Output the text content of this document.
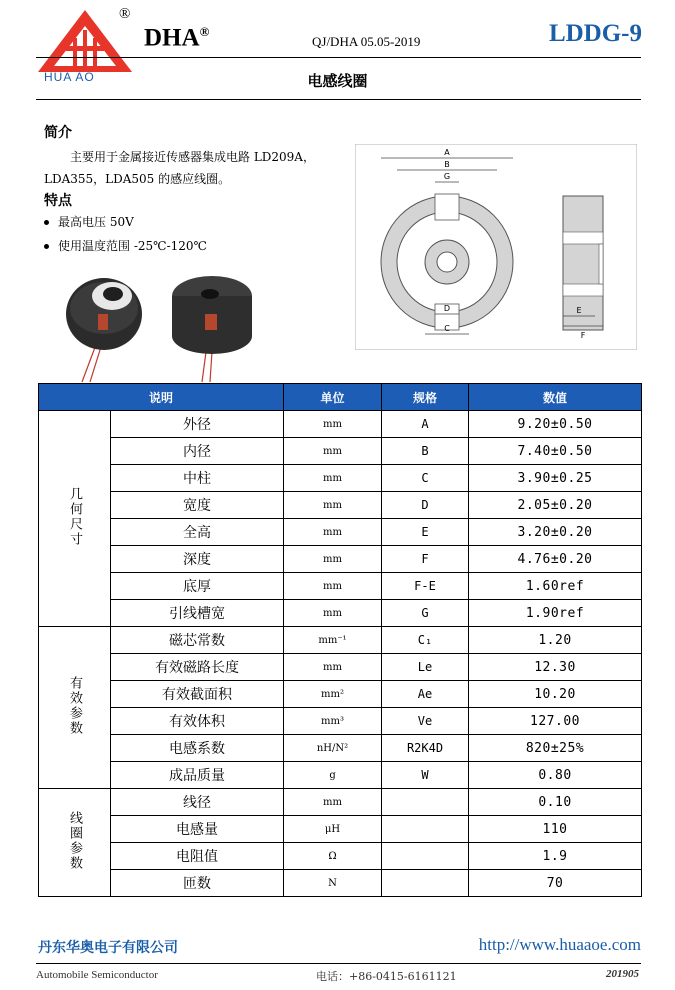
®
HUA AO
DHA®
QJ/DHA 05.05-2019	LDDG-9
电感线圈
简介
主要用于金属接近传感器集成电路 LD209A，LDA355，LDA505 的感应线圈。
特点
最高电压 50V
使用温度范围 -25℃-120℃
A
B
G
D
C
E
F
说明		单位	规格	数值
几何尺寸	外径	mm	A	9.20±0.50
	内径	mm	B	7.40±0.50
	中柱	mm	C	3.90±0.25
	宽度	mm	D	2.05±0.20
	全高	mm	E	3.20±0.20
	深度	mm	F	4.76±0.20
	底厚	mm	F-E	1.60ref
	引线槽宽	mm	G	1.90ref
有效参数	磁芯常数	mm⁻¹	C₁	1.20
	有效磁路长度	mm	Le	12.30
	有效截面积	mm²	Ae	10.20
	有效体积	mm³	Ve	127.00
	电感系数	nH/N²	R2K4D	820±25%
	成品质量	g	W	0.80
线圈参数	线径	mm		0.10
	电感量	μH		110
	电阻值	Ω		1.9
	匝数	N		70
丹东华奥电子有限公司	http://www.huaaoe.com
Automobile Semiconductor	电话：+86-0415-6161121	201905
